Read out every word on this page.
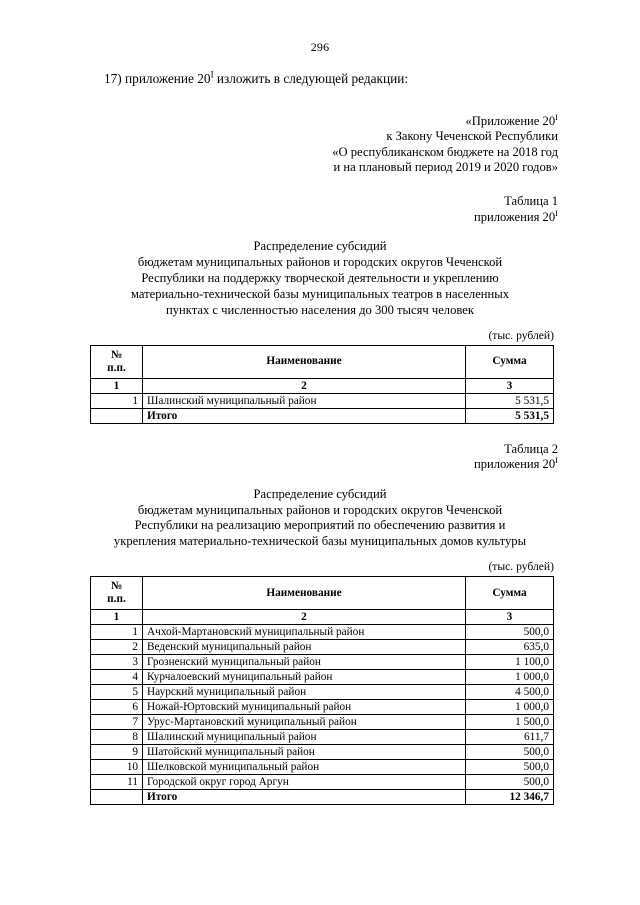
296
17) приложение $20^I$ изложить в следующей редакции:
«Приложение $20^I$
к Закону Чеченской Республики
«О республиканском бюджете на 2018 год
и на плановый период 2019 и 2020 годов»
Таблица 1
приложения $20^I$
Распределение субсидий
бюджетам муниципальных районов и городских округов Чеченской
Республики на поддержку творческой деятельности и укреплению
материально-технической базы муниципальных театров в населенных
пунктах с численностью населения до 300 тысяч человек
(тыс. рублей)
№
п.п.	Наименование	Сумма
1	2	3
1	Шалинский муниципальный район	5 531,5
	Итого	5 531,5
Таблица 2
приложения $20^I$
Распределение субсидий
бюджетам муниципальных районов и городских округов Чеченской
Республики на реализацию мероприятий по обеспечению развития и
укрепления материально-технической базы муниципальных домов культуры
(тыс. рублей)
№
п.п.	Наименование	Сумма
1	2	3
1	Ачхой-Мартановский муниципальный район	500,0
2	Веденский муниципальный район	635,0
3	Грозненский муниципальный район	1 100,0
4	Курчалоевский муниципальный район	1 000,0
5	Наурский муниципальный район	4 500,0
6	Ножай-Юртовский муниципальный район	1 000,0
7	Урус-Мартановский муниципальный район	1 500,0
8	Шалинский муниципальный район	611,7
9	Шатойский муниципальный район	500,0
10	Шелковской муниципальный район	500,0
11	Городской округ город Аргун	500,0
	Итого	12 346,7
